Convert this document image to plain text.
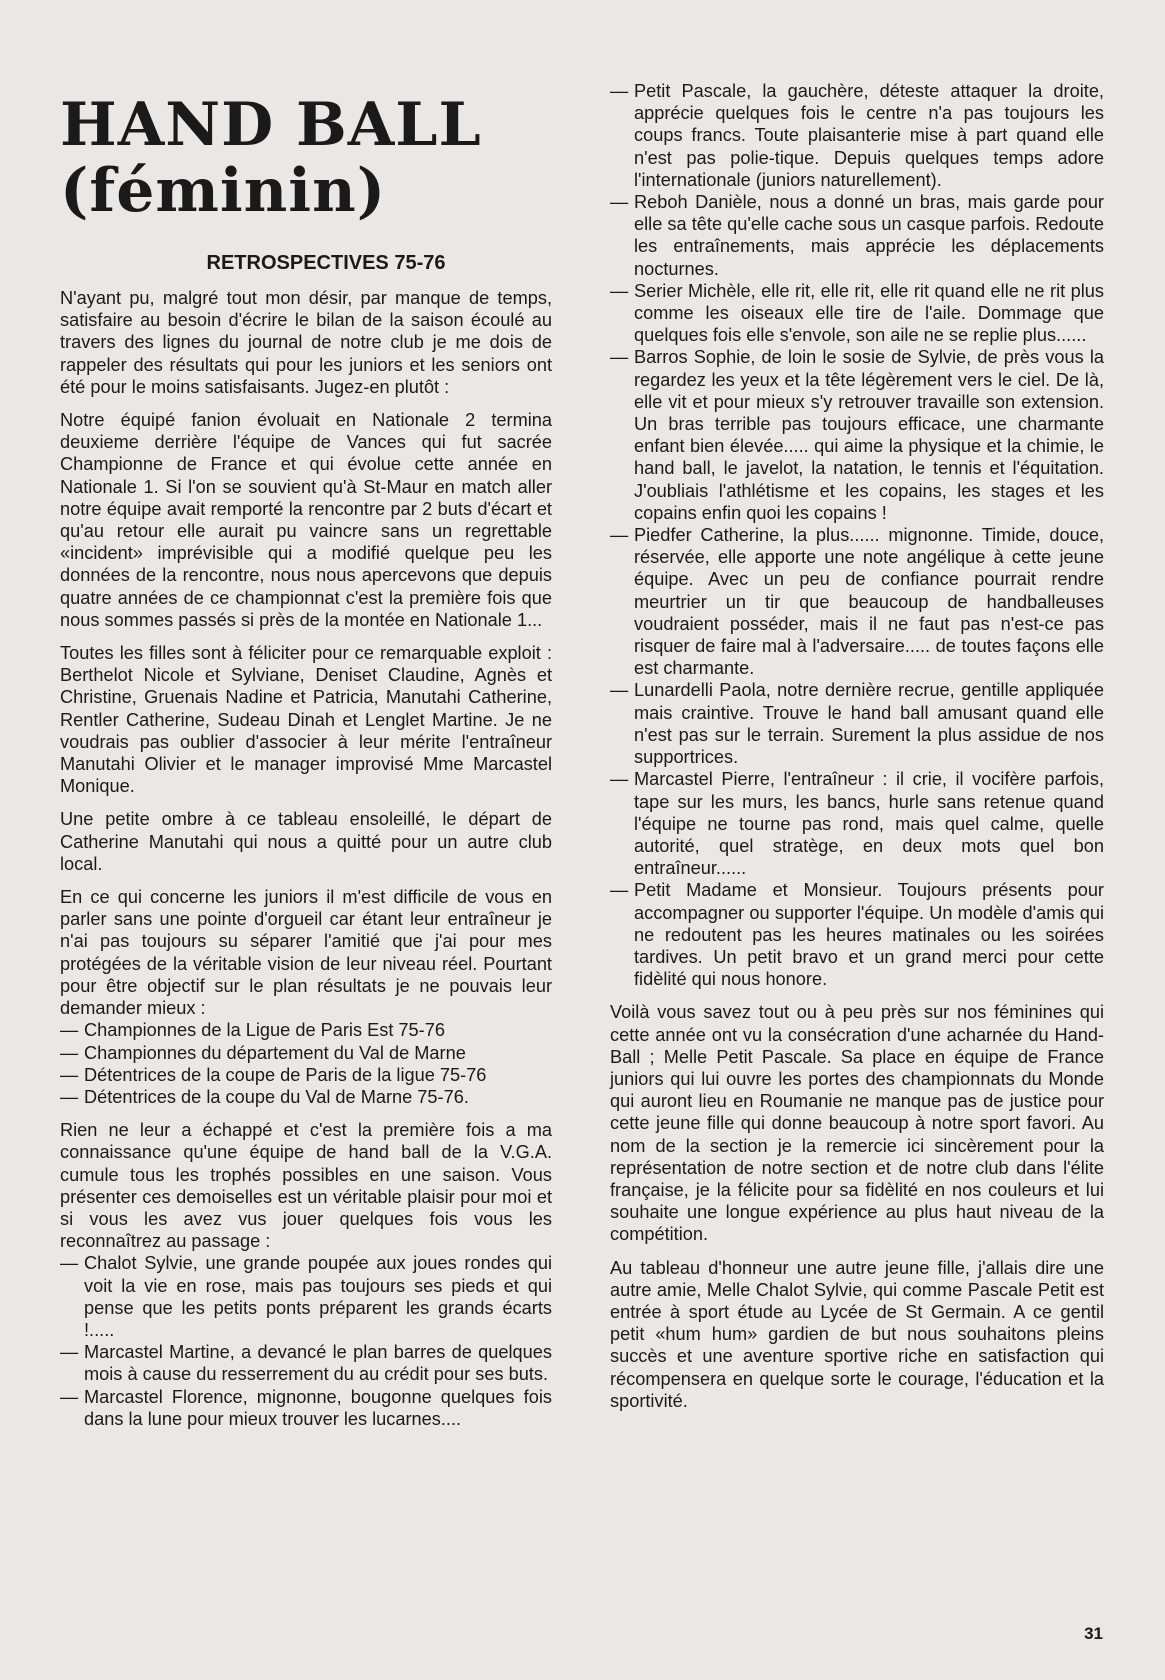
HAND BALL
(féminin)
RETROSPECTIVES 75-76

N'ayant pu, malgré tout mon désir, par manque de temps, satisfaire au besoin d'écrire le bilan de la saison écoulé au travers des lignes du journal de notre club je me dois de rappeler des résultats qui pour les juniors et les seniors ont été pour le moins satisfaisants. Jugez-en plutôt :

Notre équipé fanion évoluait en Nationale 2 termina deuxieme derrière l'équipe de Vances qui fut sacrée Championne de France et qui évolue cette année en Nationale 1. Si l'on se souvient qu'à St-Maur en match aller notre équipe avait remporté la rencontre par 2 buts d'écart et qu'au retour elle aurait pu vaincre sans un regrettable «incident» imprévisible qui a modifié quelque peu les données de la rencontre, nous nous apercevons que depuis quatre années de ce championnat c'est la première fois que nous sommes passés si près de la montée en Nationale 1...

Toutes les filles sont à féliciter pour ce remarquable exploit : Berthelot Nicole et Sylviane, Deniset Claudine, Agnès et Christine, Gruenais Nadine et Patricia, Manutahi Catherine, Rentler Catherine, Sudeau Dinah et Lenglet Martine. Je ne voudrais pas oublier d'associer à leur mérite l'entraîneur Manutahi Olivier et le manager improvisé Mme Marcastel Monique.

Une petite ombre à ce tableau ensoleillé, le départ de Catherine Manutahi qui nous a quitté pour un autre club local.

En ce qui concerne les juniors il m'est difficile de vous en parler sans une pointe d'orgueil car étant leur entraîneur je n'ai pas toujours su séparer l'amitié que j'ai pour mes protégées de la véritable vision de leur niveau réel. Pourtant pour être objectif sur le plan résultats je ne pouvais leur demander mieux :

— Championnes de la Ligue de Paris Est 75-76
— Championnes du département du Val de Marne
— Détentrices de la coupe de Paris de la ligue 75-76
— Détentrices de la coupe du Val de Marne 75-76.

Rien ne leur a échappé et c'est la première fois a ma connaissance qu'une équipe de hand ball de la V.G.A. cumule tous les trophés possibles en une saison. Vous présenter ces demoiselles est un véritable plaisir pour moi et si vous les avez vus jouer quelques fois vous les reconnaîtrez au passage :

— Chalot Sylvie, une grande poupée aux joues rondes qui voit la vie en rose, mais pas toujours ses pieds et qui pense que les petits ponts préparent les grands écarts !.....
— Marcastel Martine, a devancé le plan barres de quelques mois à cause du resserrement du au crédit pour ses buts.
— Marcastel Florence, mignonne, bougonne quelques fois dans la lune pour mieux trouver les lucarnes....
— Petit Pascale, la gauchère, déteste attaquer la droite, apprécie quelques fois le centre n'a pas toujours les coups francs. Toute plaisanterie mise à part quand elle n'est pas polie-tique. Depuis quelques temps adore l'internationale (juniors naturellement).
— Reboh Danièle, nous a donné un bras, mais garde pour elle sa tête qu'elle cache sous un casque parfois. Redoute les entraînements, mais apprécie les déplacements nocturnes.
— Serier Michèle, elle rit, elle rit, elle rit quand elle ne rit plus comme les oiseaux elle tire de l'aile. Dommage que quelques fois elle s'envole, son aile ne se replie plus......
— Barros Sophie, de loin le sosie de Sylvie, de près vous la regardez les yeux et la tête légèrement vers le ciel. De là, elle vit et pour mieux s'y retrouver travaille son extension. Un bras terrible pas toujours efficace, une charmante enfant bien élevée..... qui aime la physique et la chimie, le hand ball, le javelot, la natation, le tennis et l'équitation. J'oubliais l'athlétisme et les copains, les stages et les copains enfin quoi les copains !
— Piedfer Catherine, la plus...... mignonne. Timide, douce, réservée, elle apporte une note angélique à cette jeune équipe. Avec un peu de confiance pourrait rendre meurtrier un tir que beaucoup de handballeuses voudraient posséder, mais il ne faut pas n'est-ce pas risquer de faire mal à l'adversaire..... de toutes façons elle est charmante.
— Lunardelli Paola, notre dernière recrue, gentille appliquée mais craintive. Trouve le hand ball amusant quand elle n'est pas sur le terrain. Surement la plus assidue de nos supportrices.
— Marcastel Pierre, l'entraîneur : il crie, il vocifère parfois, tape sur les murs, les bancs, hurle sans retenue quand l'équipe ne tourne pas rond, mais quel calme, quelle autorité, quel stratège, en deux mots quel bon entraîneur......
— Petit Madame et Monsieur. Toujours présents pour accompagner ou supporter l'équipe. Un modèle d'amis qui ne redoutent pas les heures matinales ou les soirées tardives. Un petit bravo et un grand merci pour cette fidèlité qui nous honore.

Voilà vous savez tout ou à peu près sur nos féminines qui cette année ont vu la consécration d'une acharnée du Hand-Ball ; Melle Petit Pascale. Sa place en équipe de France juniors qui lui ouvre les portes des championnats du Monde qui auront lieu en Roumanie ne manque pas de justice pour cette jeune fille qui donne beaucoup à notre sport favori. Au nom de la section je la remercie ici sincèrement pour la représentation de notre section et de notre club dans l'élite française, je la félicite pour sa fidèlité en nos couleurs et lui souhaite une longue expérience au plus haut niveau de la compétition.

Au tableau d'honneur une autre jeune fille, j'allais dire une autre amie, Melle Chalot Sylvie, qui comme Pascale Petit est entrée à sport étude au Lycée de St Germain. A ce gentil petit «hum hum» gardien de but nous souhaitons pleins succès et une aventure sportive riche en satisfaction qui récompensera en quelque sorte le courage, l'éducation et la sportivité.

31
